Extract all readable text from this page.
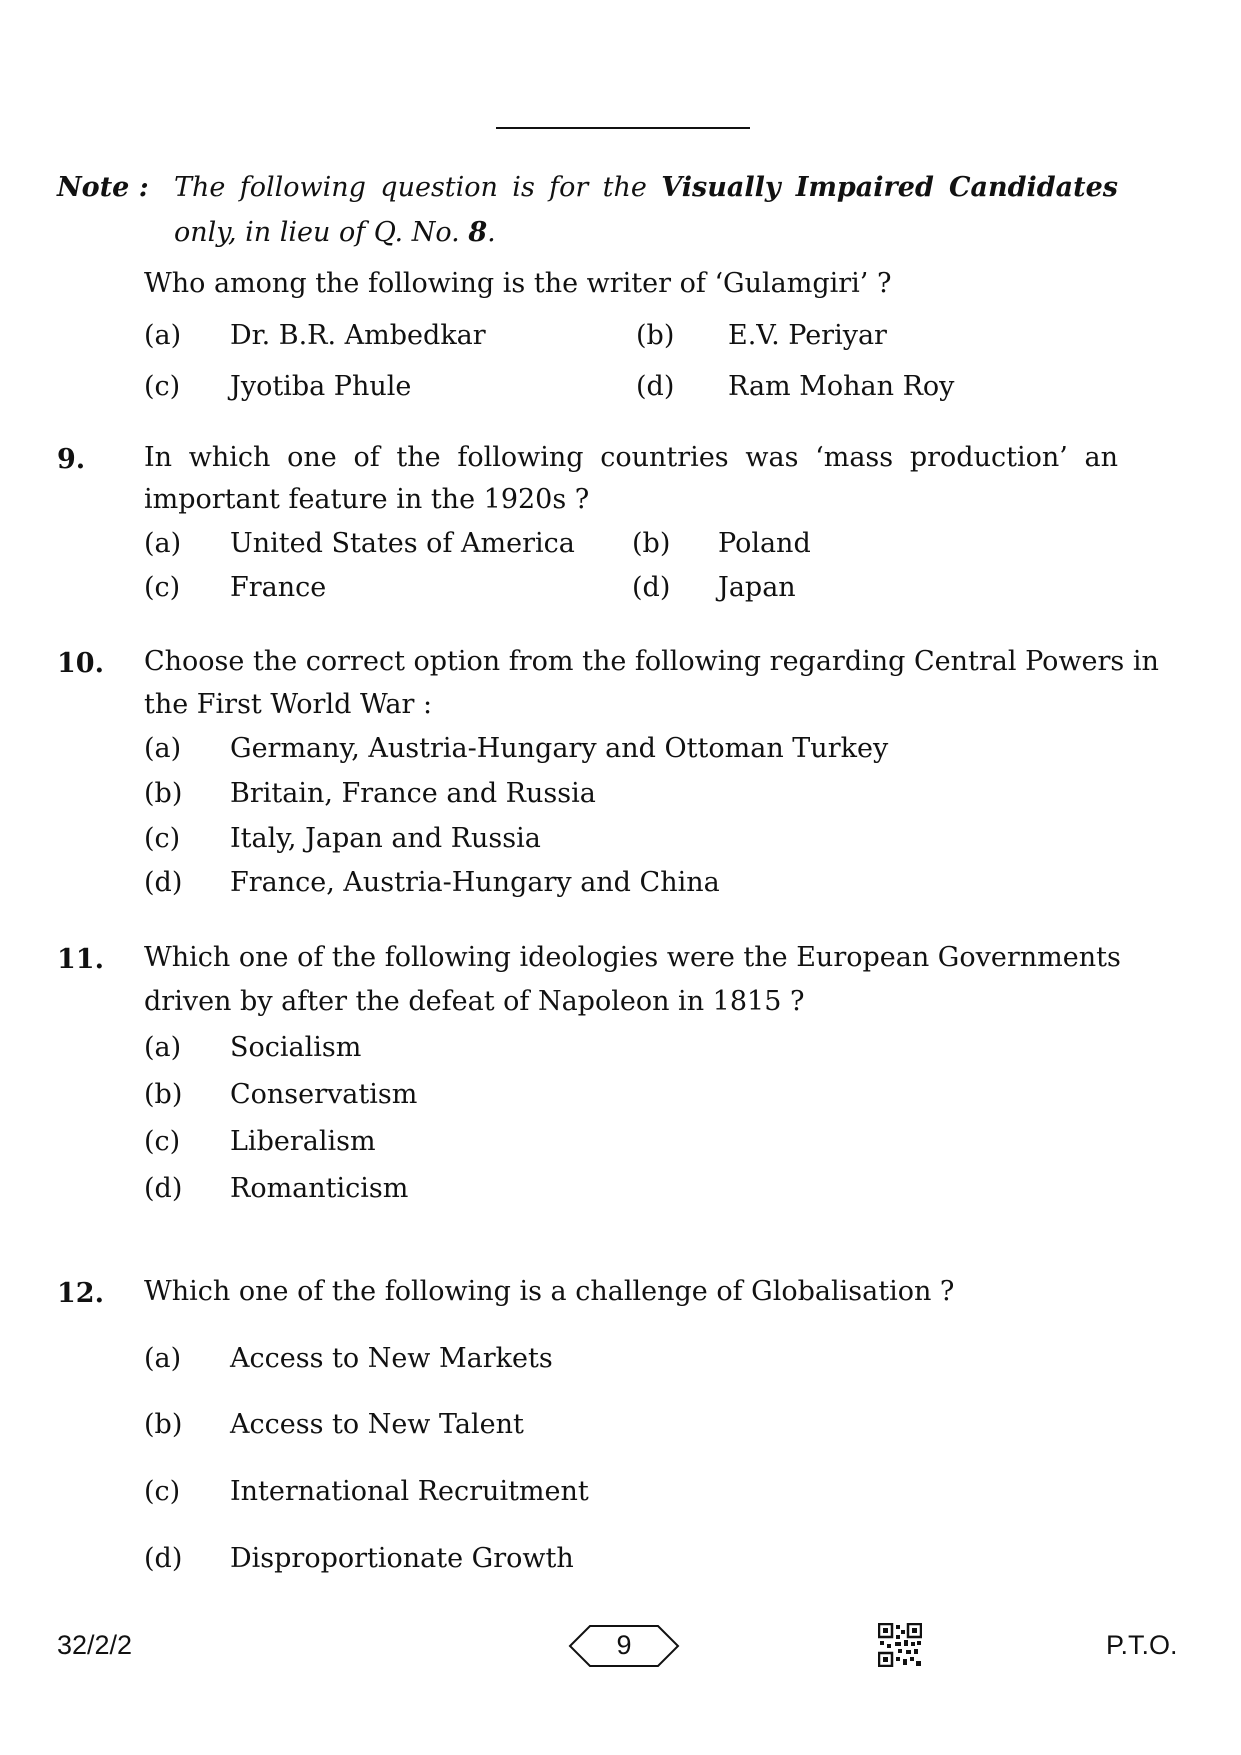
Note : The following question is for the Visually Impaired Candidates
only, in lieu of Q. No. 8.
Who among the following is the writer of ‘Gulamgiri’ ?
(a) Dr. B.R. Ambedkar	(b) E.V. Periyar
(c) Jyotiba Phule	(d) Ram Mohan Roy
9. In which one of the following countries was ‘mass production’ an
important feature in the 1920s ?
(a) United States of America (b) Poland
(c) France	(d) Japan
10. Choose the correct option from the following regarding Central Powers in
the First World War :
(a) Germany, Austria-Hungary and Ottoman Turkey
(b) Britain, France and Russia
(c) Italy, Japan and Russia
(d) France, Austria-Hungary and China
11. Which one of the following ideologies were the European Governments
driven by after the defeat of Napoleon in 1815 ?
(a) Socialism
(b) Conservatism
(c) Liberalism
(d) Romanticism
12. Which one of the following is a challenge of Globalisation ?
(a) Access to New Markets
(b) Access to New Talent
(c) International Recruitment
(d) Disproportionate Growth
32/2/2	9	P.T.O.
